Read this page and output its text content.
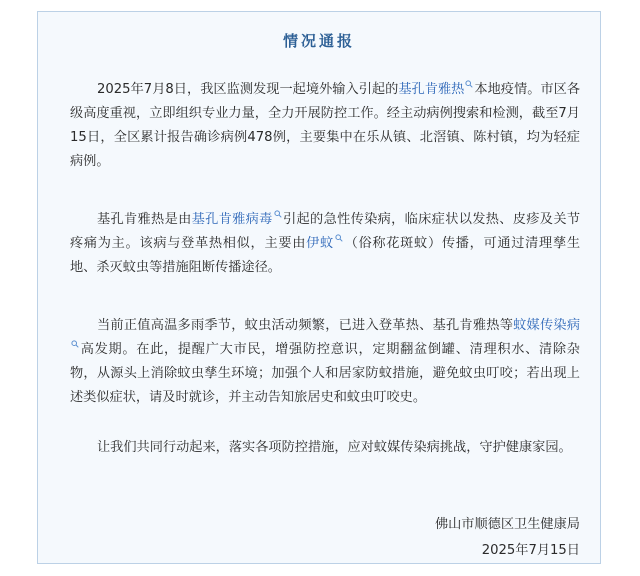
情况通报

2025年7月8日，我区监测发现一起境外输入引起的基孔肯雅热 本地疫情。市区各级高度重视，立即组织专业力量，全力开展防控工作。经主动病例搜索和检测，截至7月15日，全区累计报告确诊病例478例，主要集中在乐从镇、北滘镇、陈村镇，均为轻症病例。

基孔肯雅热是由基孔肯雅病毒 引起的急性传染病，临床症状以发热、皮疹及关节疼痛为主。该病与登革热相似，主要由伊蚊 （俗称花斑蚊）传播，可通过清理孳生地、杀灭蚊虫等措施阻断传播途径。

当前正值高温多雨季节，蚊虫活动频繁，已进入登革热、基孔肯雅热等蚊媒传染病
高发期。在此，提醒广大市民，增强防控意识，定期翻盆倒罐、清理积水、清除杂物，从源头上消除蚊虫孳生环境；加强个人和居家防蚊措施，避免蚊虫叮咬；若出现上述类似症状，请及时就诊，并主动告知旅居史和蚊虫叮咬史。

让我们共同行动起来，落实各项防控措施，应对蚊媒传染病挑战，守护健康家园。

佛山市顺德区卫生健康局
2025年7月15日
